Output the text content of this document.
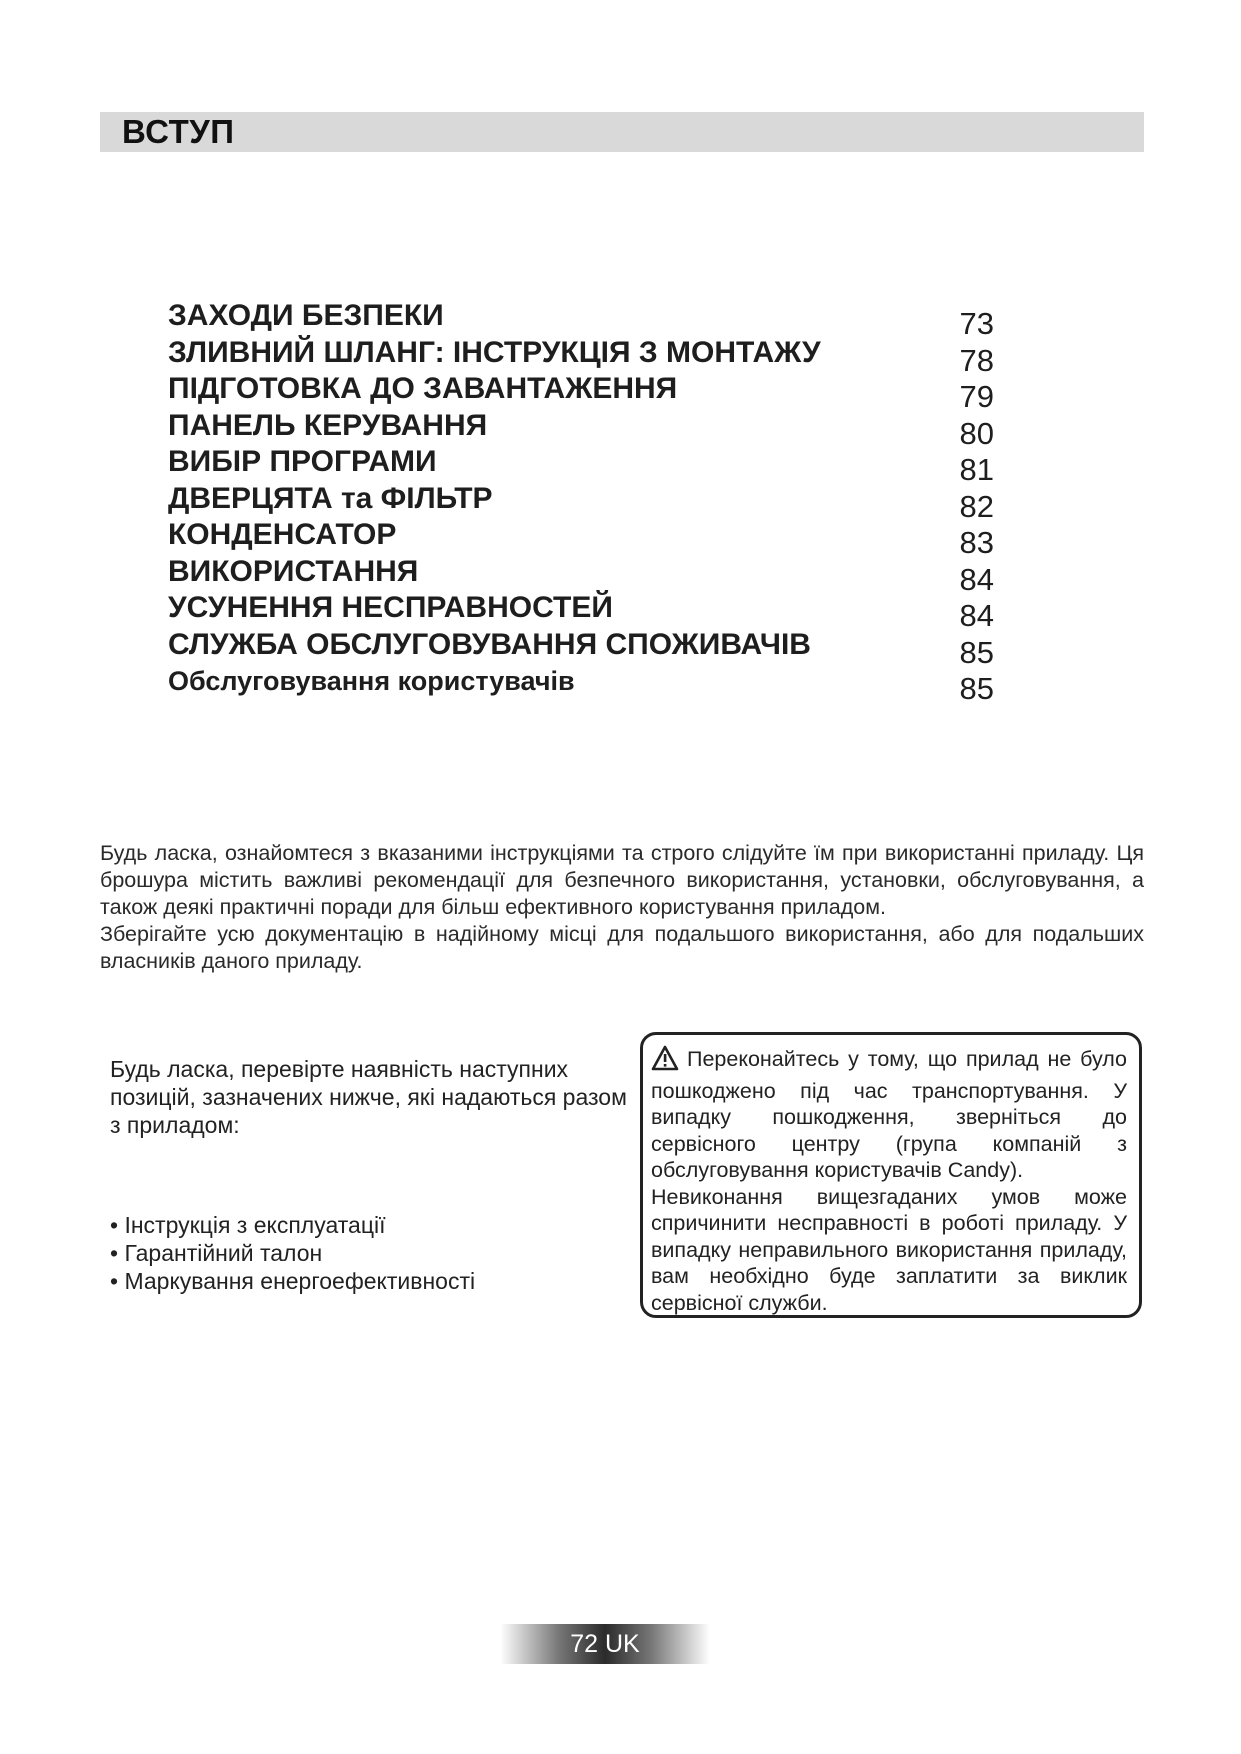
ВСТУП
ЗАХОДИ БЕЗПЕКИ	73
ЗЛИВНИЙ ШЛАНГ: ІНСТРУКЦІЯ З МОНТАЖУ	78
ПІДГОТОВКА ДО ЗАВАНТАЖЕННЯ	79
ПАНЕЛЬ КЕРУВАННЯ	80
ВИБІР ПРОГРАМИ	81
ДВЕРЦЯТА та ФІЛЬТР	82
КОНДЕНСАТОР	83
ВИКОРИСТАННЯ	84
УСУНЕННЯ НЕСПРАВНОСТЕЙ	84
СЛУЖБА ОБСЛУГОВУВАННЯ СПОЖИВАЧІВ	85
Обслуговування користувачів	85

Будь ласка, ознайомтеся з вказаними інструкціями та строго слідуйте їм при використанні приладу. Ця брошура містить важливі рекомендації для безпечного використання, установки, обслуговування, а також деякі практичні поради для більш ефективного користування приладом.

Зберігайте усю документацію в надійному місці для подальшого використання, або для подальших власників даного приладу.

Будь ласка, перевірте наявність наступних позицій, зазначених нижче, які надаються разом з приладом:

• Інструкція з експлуатації
• Гарантійний талон
• Маркування енергоефективності

Переконайтесь у тому, що прилад не було пошкоджено під час транспортування. У випадку пошкодження, зверніться до сервісного центру (група компаній з обслуговування користувачів Candy).

Невиконання вищезгаданих умов може спричинити несправності в роботі приладу. У випадку неправильного використання приладу, вам необхідно буде заплатити за виклик сервісної служби.

72 UK
